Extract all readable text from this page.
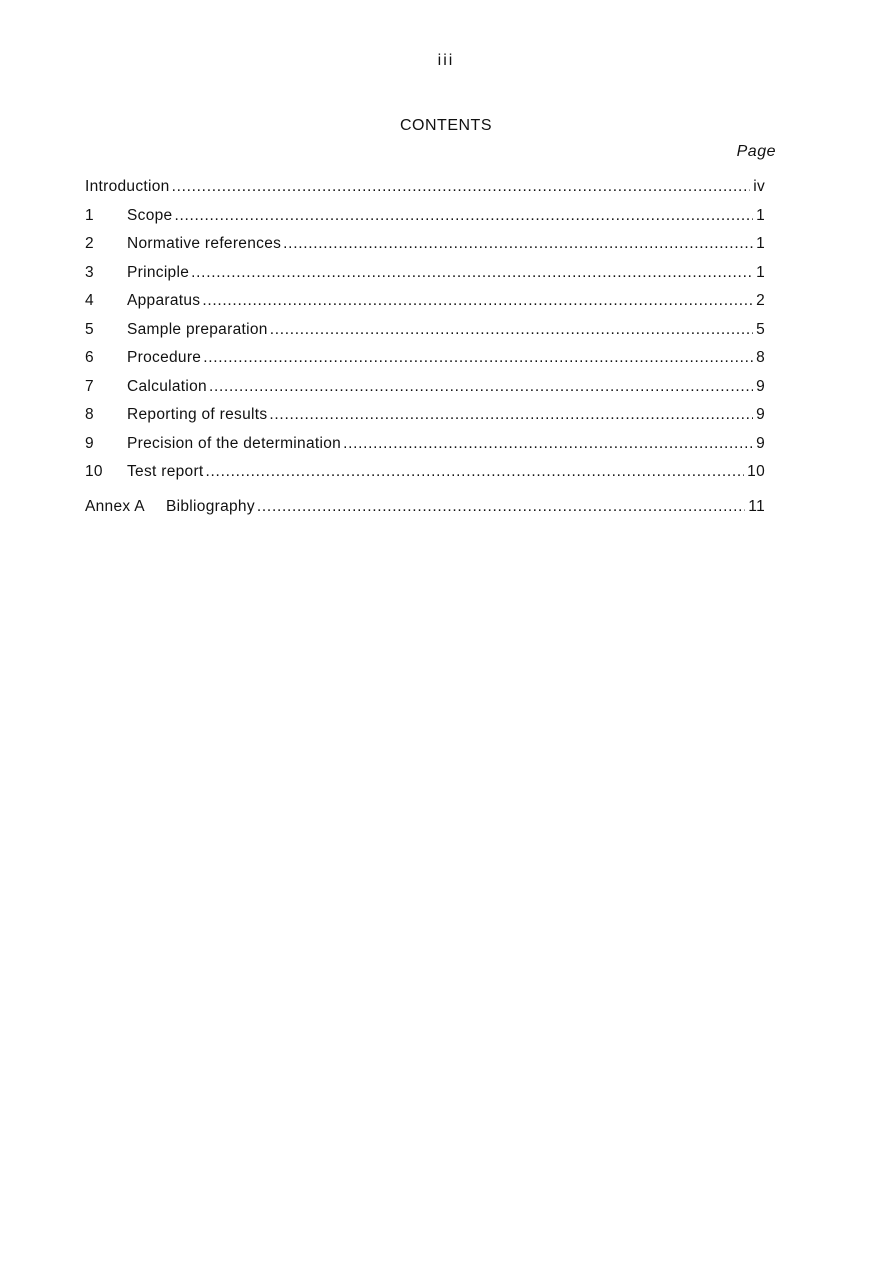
iii
CONTENTS
Page
Introduction . . .	iv
1	Scope . . .	1
2	Normative references . . .	1
3	Principle . . .	1
4	Apparatus . . .	2
5	Sample preparation . . .	5
6	Procedure . . .	8
7	Calculation . . .	9
8	Reporting of results . . .	9
9	Precision of the determination . . .	9
10	Test report . . .	10
Annex A	Bibliography . . .	11
